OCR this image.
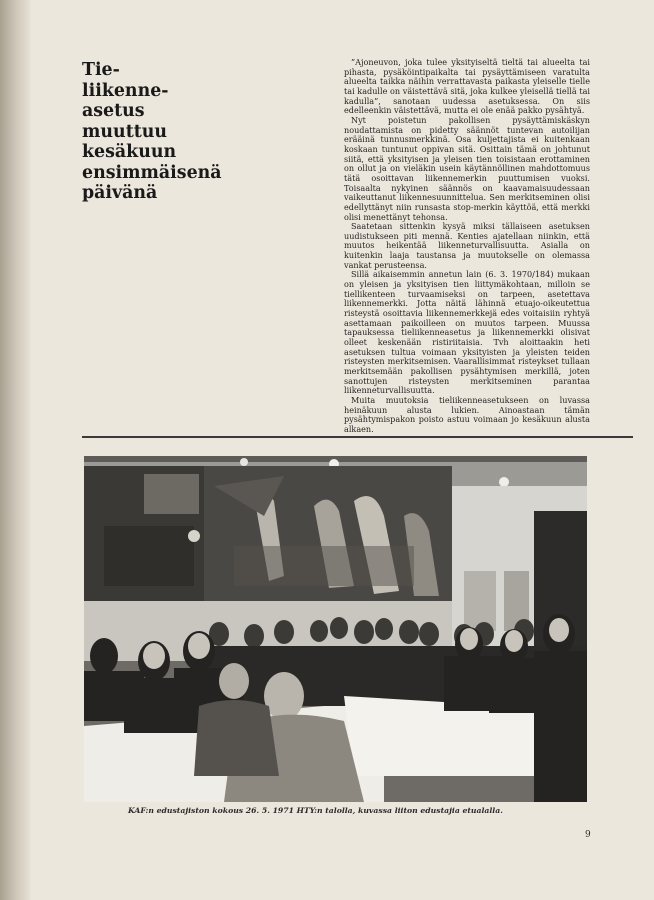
Tie-
liikenne-
asetus
muuttuu
kesäkuun
ensimmäisenä
päivänä

”Ajoneuvon, joka tulee yksityiseltä tieltä tai alueelta tai pihasta, pysäköintipaikalta tai pysäyttämiseen varatulta alueelta taikka näihin verrattavasta paikasta yleiselle tielle tai kadulle on väistettävä sitä, joka kulkee yleisellä tiellä tai kadulla”, sanotaan uudessa asetuksessa. On siis edelleenkin väistettävä, mutta ei ole enää pakko pysähtyä.

Nyt poistetun pakollisen pysäyttämiskäskyn noudattamista on pidetty säännöt tuntevan autoilijan erääinä tunnusmerkkinä. Osa kuljettajista ei kuitenkaan koskaan tuntunut oppivan sitä. Osittain tämä on johtunut siitä, että yksityisen ja yleisen tien toisistaan erottaminen on ollut ja on vieläkin usein käytännöllinen mahdottomuus tätä osoittavan liikennemerkin puuttumisen vuoksi. Toisaalta nykyinen säännös on kaavamaisuudessaan vaikeuttanut liikennesuunnittelua. Sen merkitseminen olisi edellyttänyt niin runsasta stop-merkin käyttöä, että merkki olisi menettänyt tehonsa.

Saatetaan sittenkin kysyä miksi tällaiseen asetuksen uudistukseen piti mennä. Kenties ajatellaan niinkin, että muutos heikentää liikenneturvallisuutta. Asialla on kuitenkin laaja taustansa ja muutokselle on olemassa vankat perusteensa.

Sillä aikaisemmin annetun lain (6. 3. 1970/184) mukaan on yleisen ja yksityisen tien liittymäkohtaan, milloin se tiellikenteen turvaamiseksi on tarpeen, asetettava liikennemerkki. Jotta näitä lähinnä etuajo-oikeutettua risteystä osoittavia liikennemerkkejä edes voitaisiin ryhtyä asettamaan paikoilleen on muutos tarpeen. Muussa tapauksessa tieliikenneasetus ja liikennemerkki olisivat olleet keskenään ristiriitaisia. Tvh aloittaakin heti asetuksen tultua voimaan yksityisten ja yleisten teiden risteysten merkitsemisen. Vaarallisimmat risteykset tullaan merkitsemään pakollisen pysähtymisen merkillä, joten sanottujen risteysten merkitseminen parantaa liikenneturvallisuutta.

Muita muutoksia tieliikenneasetukseen on luvassa heinäkuun alusta lukien. Ainoastaan tämän pysähtymispakon poisto astuu voimaan jo kesäkuun alusta alkaen.

KAF:n edustajiston kokous 26. 5. 1971 HTY:n talolla, kuvassa liiton edustajia etualalla.
9
